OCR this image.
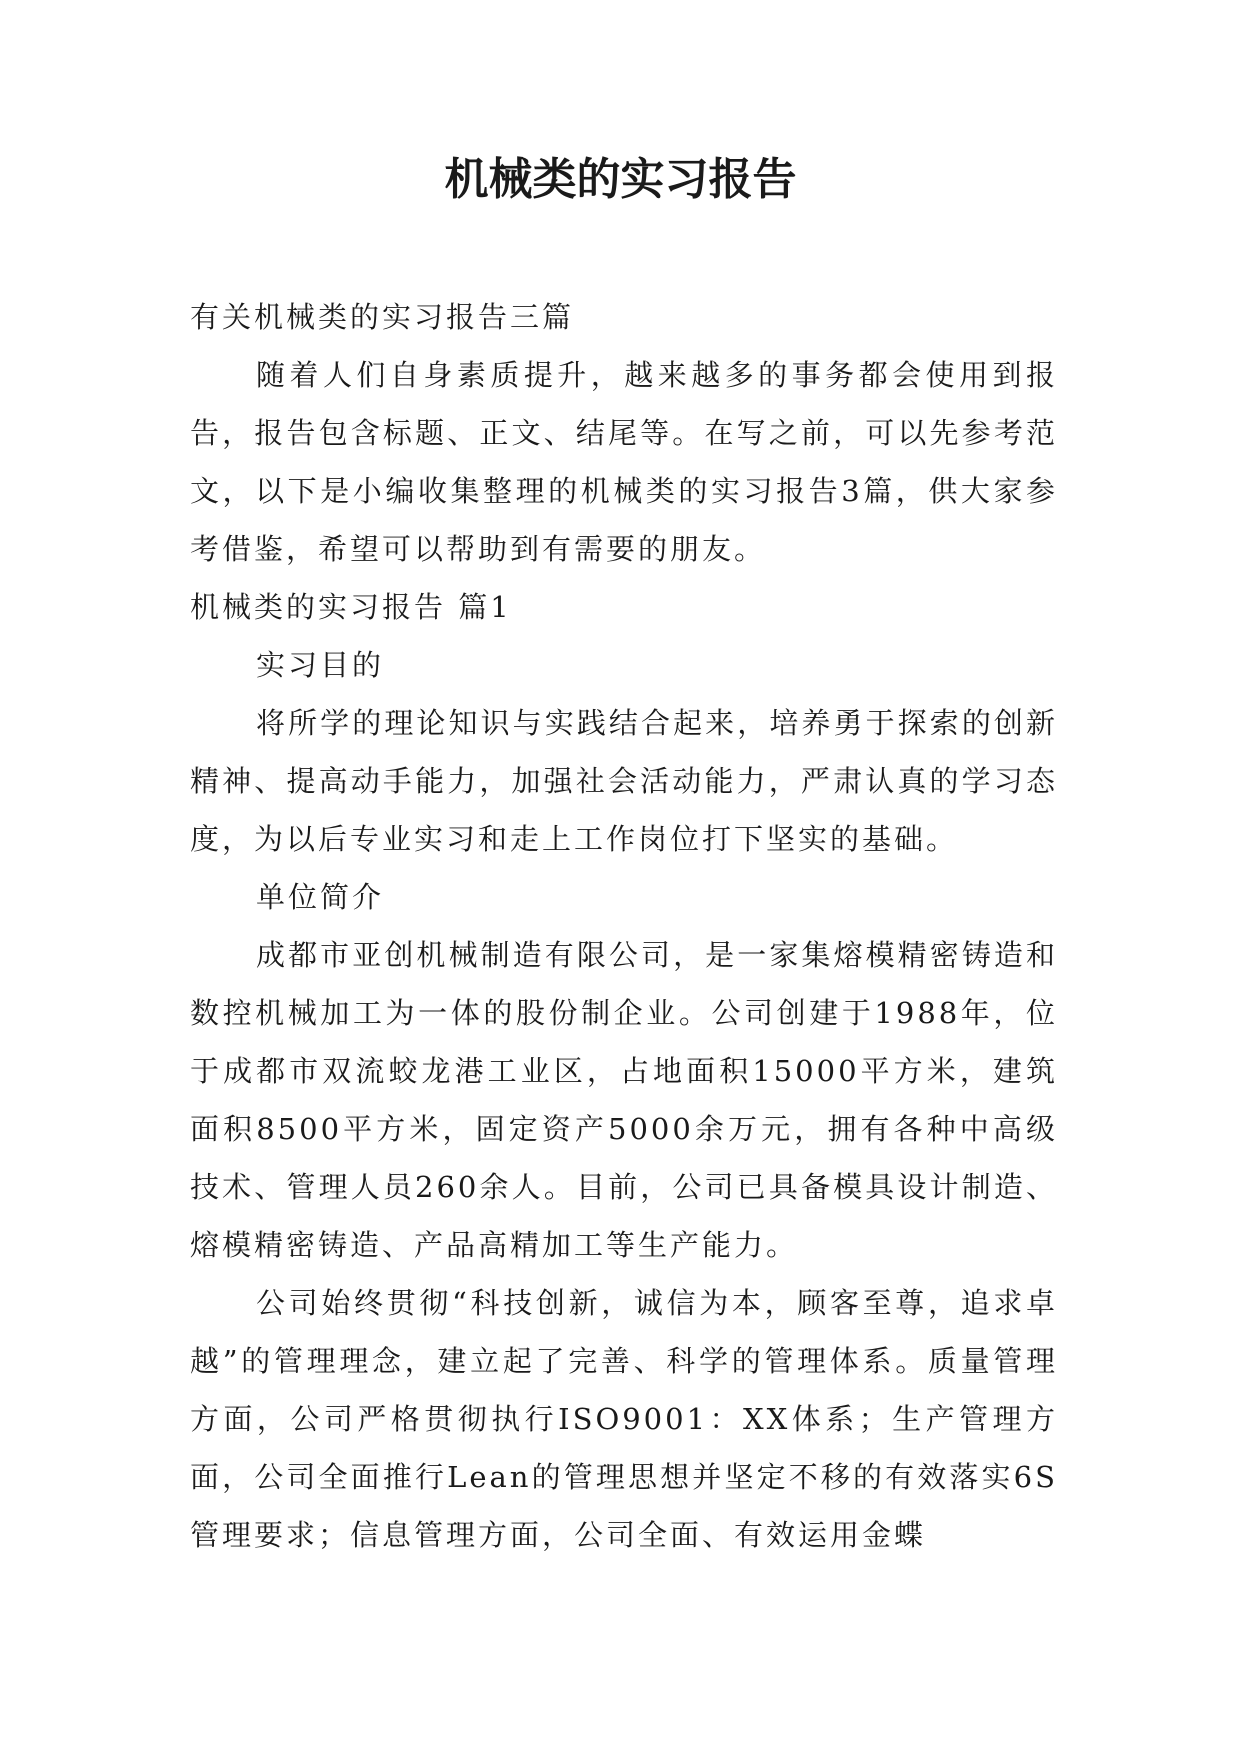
机械类的实习报告

有关机械类的实习报告三篇

随着人们自身素质提升，越来越多的事务都会使用到报告，报告包含标题、正文、结尾等。在写之前，可以先参考范文，以下是小编收集整理的机械类的实习报告3篇，供大家参考借鉴，希望可以帮助到有需要的朋友。

机械类的实习报告 篇1

实习目的

将所学的理论知识与实践结合起来，培养勇于探索的创新精神、提高动手能力，加强社会活动能力，严肃认真的学习态度，为以后专业实习和走上工作岗位打下坚实的基础。

单位简介

成都市亚创机械制造有限公司，是一家集熔模精密铸造和数控机械加工为一体的股份制企业。公司创建于1988年，位于成都市双流蛟龙港工业区，占地面积15000平方米，建筑面积8500平方米，固定资产5000余万元，拥有各种中高级技术、管理人员260余人。目前，公司已具备模具设计制造、熔模精密铸造、产品高精加工等生产能力。

公司始终贯彻“科技创新，诚信为本，顾客至尊，追求卓越”的管理理念，建立起了完善、科学的管理体系。质量管理方面，公司严格贯彻执行ISO9001：XX体系；生产管理方面，公司全面推行Lean的管理思想并坚定不移的有效落实6S管理要求；信息管理方面，公司全面、有效运用金蝶
